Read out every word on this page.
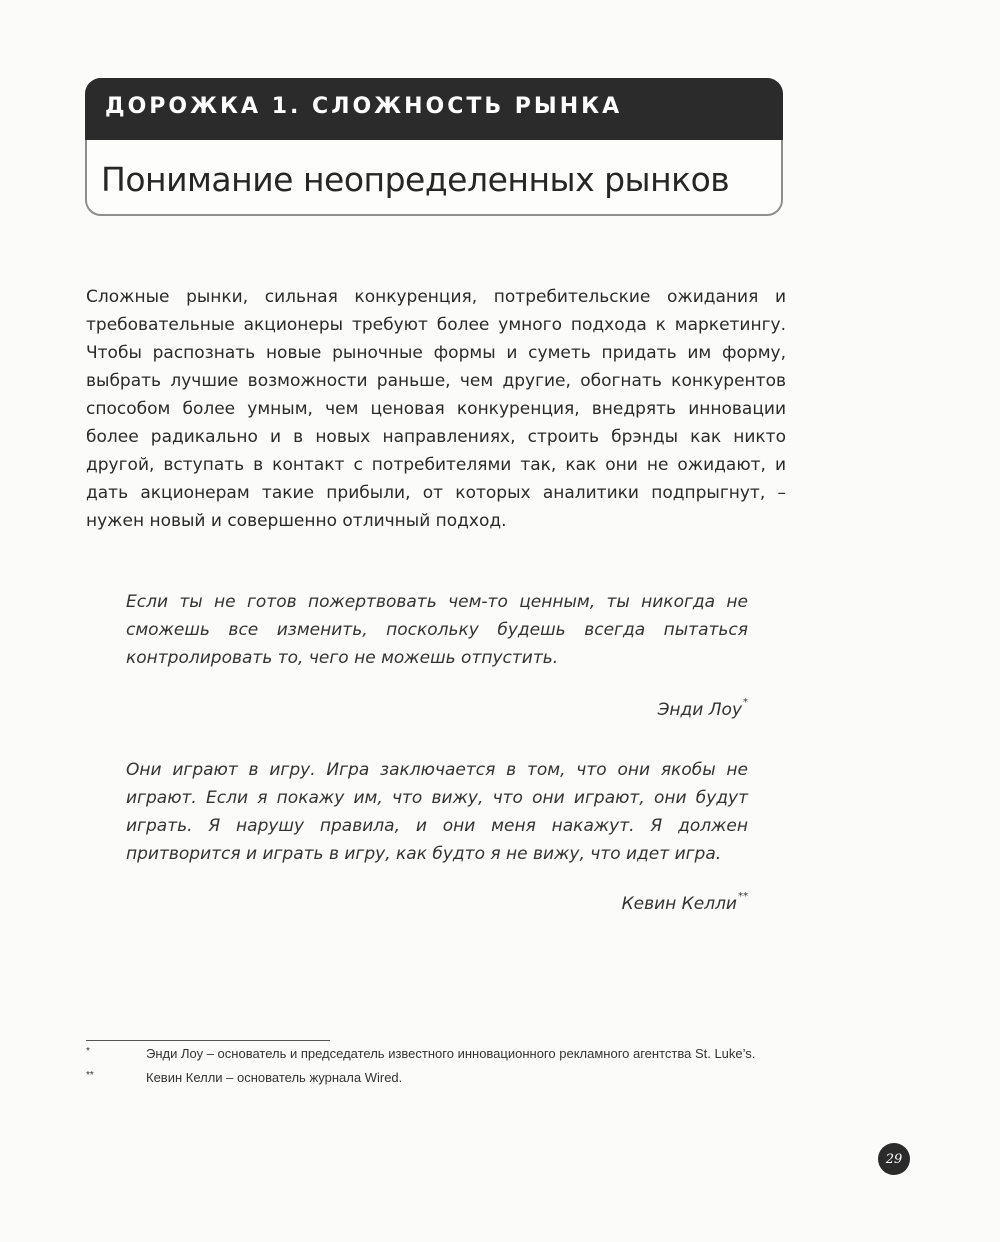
ДОРОЖКА 1. СЛОЖНОСТЬ РЫНКА
Понимание неопределенных рынков

Сложные рынки, сильная конкуренция, потребительские ожидания и требовательные акционеры требуют более умного подхода к маркетингу. Чтобы распознать новые рыночные формы и суметь придать им форму, выбрать лучшие возможности раньше, чем другие, обогнать конкурентов способом более умным, чем ценовая конкуренция, внедрять инновации более радикально и в новых направлениях, строить брэнды как никто другой, вступать в контакт с потребителями так, как они не ожидают, и дать акционерам такие прибыли, от которых аналитики подпрыгнут, – нужен новый и совершенно отличный подход.

Если ты не готов пожертвовать чем-то ценным, ты никогда не сможешь все изменить, поскольку будешь всегда пытаться контролировать то, чего не можешь отпустить.

Энди Лоу*

Они играют в игру. Игра заключается в том, что они якобы не играют. Если я покажу им, что вижу, что они играют, они будут играть. Я нарушу правила, и они меня накажут. Я должен притворится и играть в игру, как будто я не вижу, что идет игра.

Кевин Келли**
*	Энди Лоу – основатель и председатель известного инновационного рекламного агентства St. Luke’s.
**	Кевин Келли – основатель журнала Wired.
29
